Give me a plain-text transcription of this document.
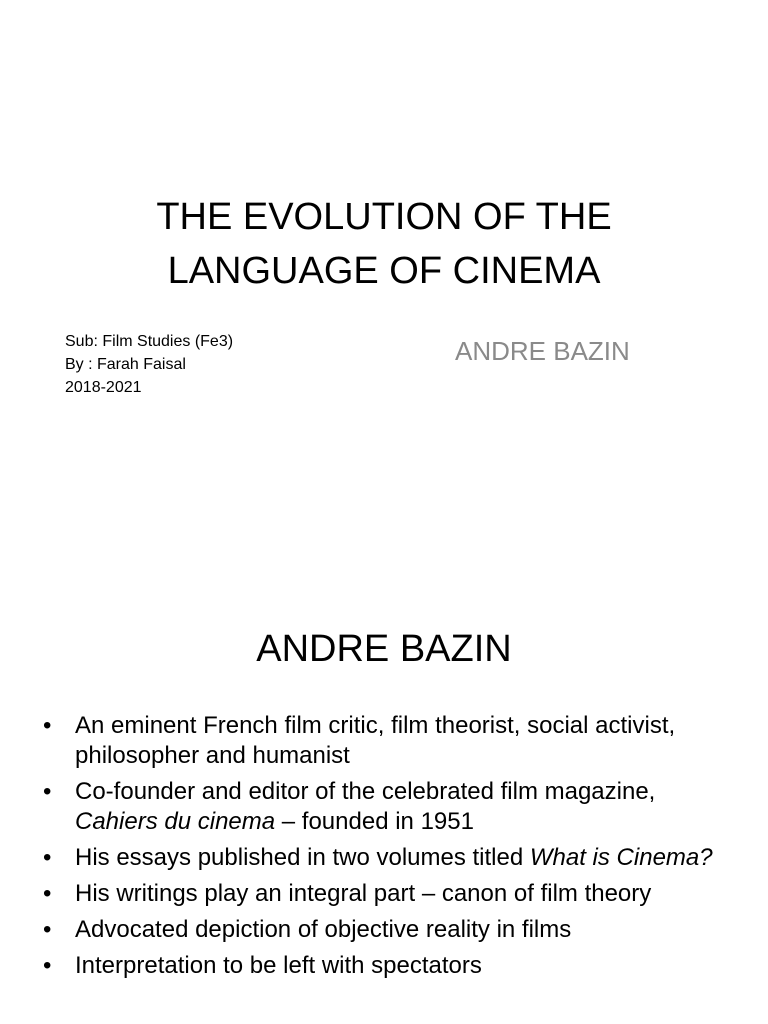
THE EVOLUTION OF THE
LANGUAGE OF CINEMA
Sub: Film Studies (Fe3)
By : Farah Faisal
2018-2021
ANDRE BAZIN
ANDRE BAZIN
• An eminent French film critic, film theorist, social activist, philosopher and humanist
• Co-founder and editor of the celebrated film magazine, Cahiers du cinema – founded in 1951
• His essays published in two volumes titled What is Cinema?
• His writings play an integral part – canon of film theory
• Advocated depiction of objective reality in films
• Interpretation to be left with spectators
